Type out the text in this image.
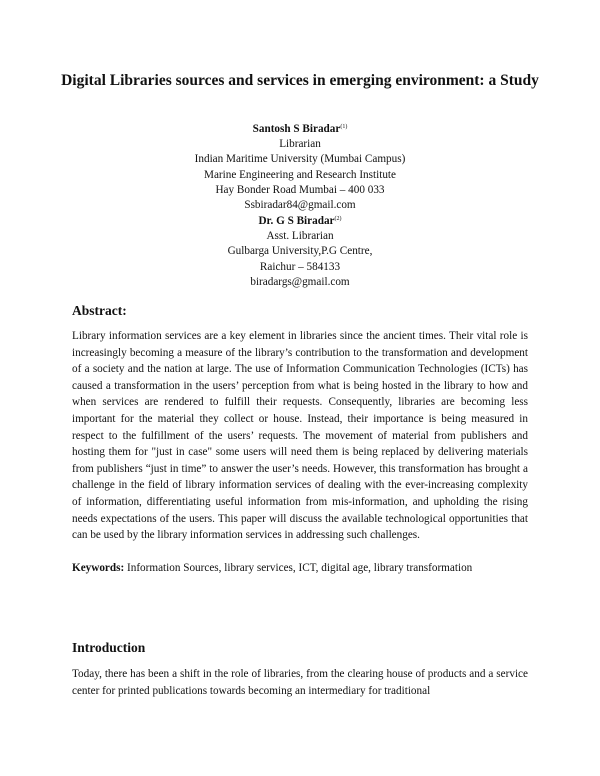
Digital Libraries sources and services in emerging environment: a Study
Santosh S Biradar$^{(1)}$
Librarian
Indian Maritime University (Mumbai Campus)
Marine Engineering and Research Institute
Hay Bonder Road Mumbai – 400 033
Ssbiradar84@gmail.com
Dr. G S Biradar$^{(2)}$
Asst. Librarian
Gulbarga University,P.G Centre,
Raichur – 584133
biradargs@gmail.com
Abstract:

Library information services are a key element in libraries since the ancient times. Their vital role is increasingly becoming a measure of the library’s contribution to the transformation and development of a society and the nation at large. The use of Information Communication Technologies (ICTs) has caused a transformation in the users’ perception from what is being hosted in the library to how and when services are rendered to fulfill their requests. Consequently, libraries are becoming less important for the material they collect or house. Instead, their importance is being measured in respect to the fulfillment of the users’ requests. The movement of material from publishers and hosting them for "just in case" some users will need them is being replaced by delivering materials from publishers “just in time” to answer the user’s needs. However, this transformation has brought a challenge in the field of library information services of dealing with the ever-increasing complexity of information, differentiating useful information from mis-information, and upholding the rising needs expectations of the users. This paper will discuss the available technological opportunities that can be used by the library information services in addressing such challenges.

Keywords: Information Sources, library services, ICT, digital age, library transformation
Introduction

Today, there has been a shift in the role of libraries, from the clearing house of products and a service center for printed publications towards becoming an intermediary for traditional
